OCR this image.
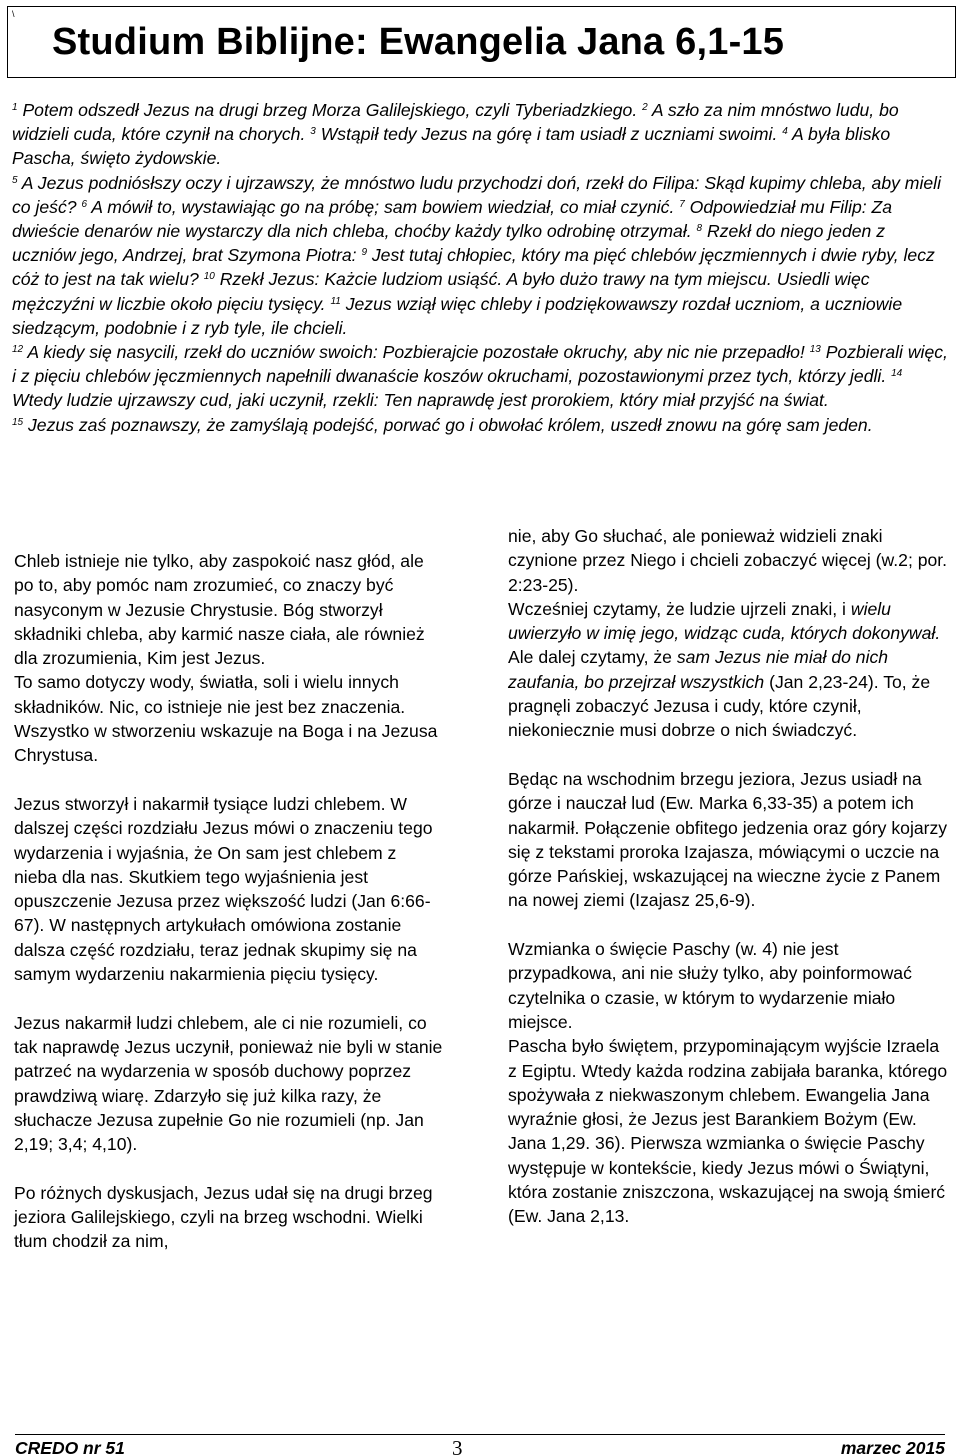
\
Studium Biblijne: Ewangelia Jana 6,1-15

$^1$ Potem odszedł Jezus na drugi brzeg Morza Galilejskiego, czyli Tyberiadzkiego. $^2$ A szło za nim mnóstwo ludu, bo widzieli cuda, które czynił na chorych. $^3$ Wstąpił tedy Jezus na górę i tam usiadł z uczniami swoimi. $^4$ A była blisko Pascha, święto żydowskie.

$^5$ A Jezus podniósłszy oczy i ujrzawszy, że mnóstwo ludu przychodzi doń, rzekł do Filipa: Skąd kupimy chleba, aby mieli co jeść? $^6$ A mówił to, wystawiając go na próbę; sam bowiem wiedział, co miał czynić. $^7$ Odpowiedział mu Filip: Za dwieście denarów nie wystarczy dla nich chleba, choćby każdy tylko odrobinę otrzymał. $^8$ Rzekł do niego jeden z uczniów jego, Andrzej, brat Szymona Piotra: $^9$ Jest tutaj chłopiec, który ma pięć chlebów jęczmiennych i dwie ryby, lecz cóż to jest na tak wielu? $^{10}$ Rzekł Jezus: Każcie ludziom usiąść. A było dużo trawy na tym miejscu. Usiedli więc mężczyźni w liczbie około pięciu tysięcy. $^{11}$ Jezus wziął więc chleby i podziękowawszy rozdał uczniom, a uczniowie siedzącym, podobnie i z ryb tyle, ile chcieli.

$^{12}$ A kiedy się nasycili, rzekł do uczniów swoich: Pozbierajcie pozostałe okruchy, aby nic nie przepadło! $^{13}$ Pozbierali więc, i z pięciu chlebów jęczmiennych napełnili dwanaście koszów okruchami, pozostawionymi przez tych, którzy jedli. $^{14}$ Wtedy ludzie ujrzawszy cud, jaki uczynił, rzekli: Ten naprawdę jest prorokiem, który miał przyjść na świat.

$^{15}$ Jezus zaś poznawszy, że zamyślają podejść, porwać go i obwołać królem, uszedł znowu na górę sam jeden.

Chleb istnieje nie tylko, aby zaspokoić nasz głód, ale po to, aby pomóc nam zrozumieć, co znaczy być nasyconym w Jezusie Chrystusie. Bóg stworzył składniki chleba, aby karmić nasze ciała, ale również dla zrozumienia, Kim jest Jezus.
To samo dotyczy wody, światła, soli i wielu innych składników. Nic, co istnieje nie jest bez znaczenia. Wszystko w stworzeniu wskazuje na Boga i na Jezusa Chrystusa.

Jezus stworzył i nakarmił tysiące ludzi chlebem. W dalszej części rozdziału Jezus mówi o znaczeniu tego wydarzenia i wyjaśnia, że On sam jest chlebem z nieba dla nas. Skutkiem tego wyjaśnienia jest opuszczenie Jezusa przez większość ludzi (Jan 6:66-67). W następnych artykułach omówiona zostanie dalsza część rozdziału, teraz jednak skupimy się na samym wydarzeniu nakarmienia pięciu tysięcy.

Jezus nakarmił ludzi chlebem, ale ci nie rozumieli, co tak naprawdę Jezus uczynił, ponieważ nie byli w stanie patrzeć na wydarzenia w sposób duchowy poprzez prawdziwą wiarę. Zdarzyło się już kilka razy, że słuchacze Jezusa zupełnie Go nie rozumieli (np. Jan 2,19; 3,4; 4,10).

Po różnych dyskusjach, Jezus udał się na drugi brzeg jeziora Galilejskiego, czyli na brzeg wschodni. Wielki tłum chodził za nim,

nie, aby Go słuchać, ale ponieważ widzieli znaki czynione przez Niego i chcieli zobaczyć więcej (w.2; por. 2:23-25).
Wcześniej czytamy, że ludzie ujrzeli znaki, i wielu uwierzyło w imię jego, widząc cuda, których dokonywał. Ale dalej czytamy, że sam Jezus nie miał do nich zaufania, bo przejrzał wszystkich (Jan 2,23-24). To, że pragnęli zobaczyć Jezusa i cudy, które czynił, niekoniecznie musi dobrze o nich świadczyć.

Będąc na wschodnim brzegu jeziora, Jezus usiadł na górze i nauczał lud (Ew. Marka 6,33-35) a potem ich nakarmił. Połączenie obfitego jedzenia oraz góry kojarzy się z tekstami proroka Izajasza, mówiącymi o uczcie na górze Pańskiej, wskazującej na wieczne życie z Panem na nowej ziemi (Izajasz 25,6-9).

Wzmianka o święcie Paschy (w. 4) nie jest przypadkowa, ani nie służy tylko, aby poinformować czytelnika o czasie, w którym to wydarzenie miało miejsce.
Pascha było świętem, przypominającym wyjście Izraela z Egiptu. Wtedy każda rodzina zabijała baranka, którego spożywała z niekwaszonym chlebem. Ewangelia Jana wyraźnie głosi, że Jezus jest Barankiem Bożym (Ew. Jana 1,29. 36). Pierwsza wzmianka o święcie Paschy występuje w kontekście, kiedy Jezus mówi o Świątyni, która zostanie zniszczona, wskazującej na swoją śmierć (Ew. Jana 2,13.

CREDO nr 51	3	marzec 2015
